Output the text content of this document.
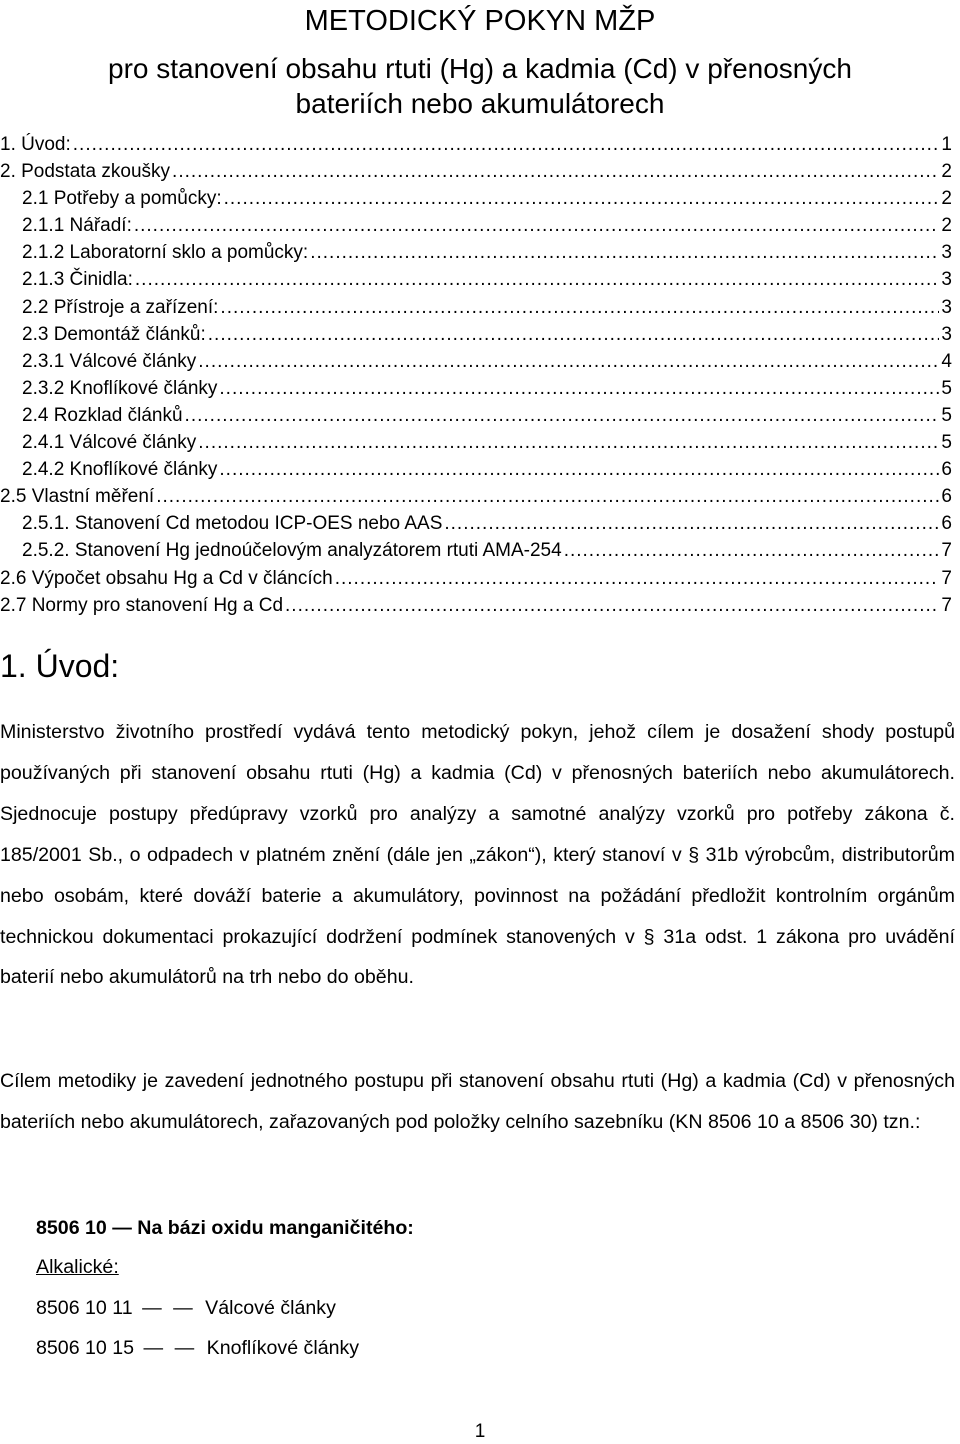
METODICKÝ POKYN MŽP
pro stanovení obsahu rtuti (Hg) a kadmia (Cd) v přenosných
bateriích nebo akumulátorech
1. Úvod: .....	1
2. Podstata zkoušky .....	2
2.1 Potřeby a pomůcky: .....	2
2.1.1 Nářadí: .....	2
2.1.2 Laboratorní sklo a pomůcky: .....	3
2.1.3 Činidla: .....	3
2.2 Přístroje a zařízení: .....	3
2.3 Demontáž článků: .....	3
2.3.1 Válcové články .....	4
2.3.2 Knoflíkové články .....	5
2.4 Rozklad článků .....	5
2.4.1 Válcové články .....	5
2.4.2 Knoflíkové články .....	6
2.5 Vlastní měření .....	6
2.5.1. Stanovení Cd metodou ICP-OES nebo AAS .....	6
2.5.2. Stanovení Hg jednoúčelovým analyzátorem rtuti AMA-254 .....	7
2.6 Výpočet obsahu Hg a Cd v článcích .....	7
2.7 Normy pro stanovení Hg a Cd .....	7
1. Úvod:
Ministerstvo životního prostředí vydává tento metodický pokyn, jehož cílem je dosažení shody postupů používaných při stanovení obsahu rtuti (Hg) a kadmia (Cd) v přenosných bateriích nebo akumulátorech. Sjednocuje postupy předúpravy vzorků pro analýzy a samotné analýzy vzorků pro potřeby zákona č. 185/2001 Sb., o odpadech v platném znění (dále jen „zákon“), který stanoví v § 31b výrobcům, distributorům nebo osobám, které dováží baterie a akumulátory, povinnost na požádání předložit kontrolním orgánům technickou dokumentaci prokazující dodržení podmínek stanovených v § 31a odst. 1 zákona pro uvádění baterií nebo akumulátorů na trh nebo do oběhu.
Cílem metodiky je zavedení jednotného postupu při stanovení obsahu rtuti (Hg) a kadmia (Cd) v přenosných bateriích nebo akumulátorech, zařazovaných pod položky celního sazebníku (KN 8506 10 a 8506 30) tzn.:
8506 10 — Na bázi oxidu manganičitého:
Alkalické:
8506 10 11 — — Válcové články
8506 10 15 — — Knoflíkové články
1
